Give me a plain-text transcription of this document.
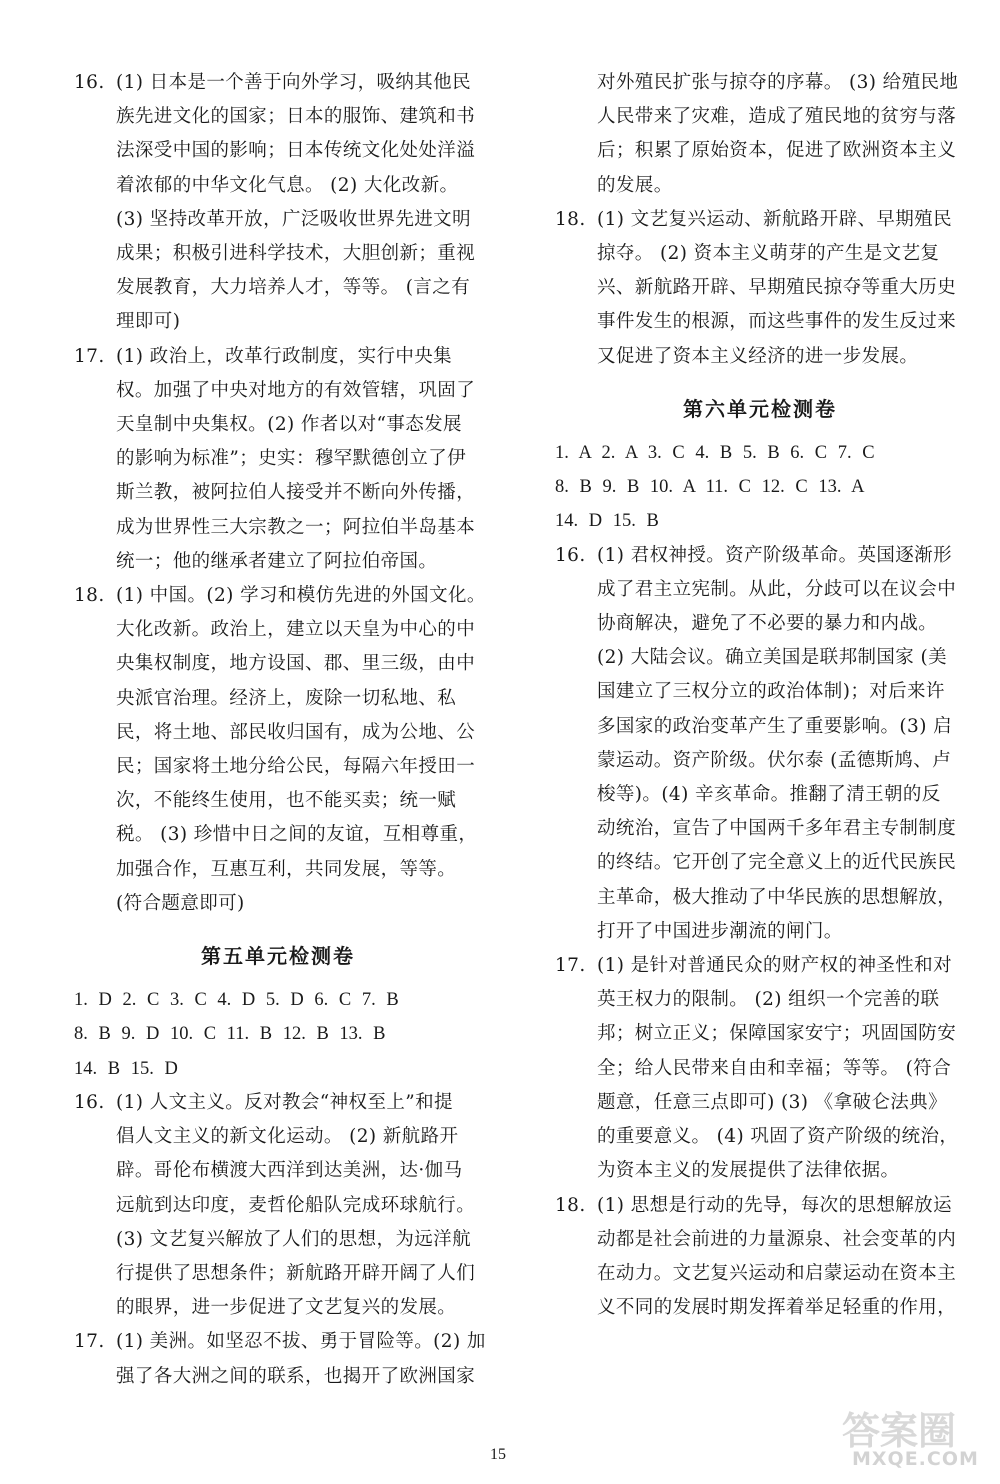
16. (1) 日本是一个善于向外学习，吸纳其他民
族先进文化的国家；日本的服饰、建筑和书
法深受中国的影响；日本传统文化处处洋溢
着浓郁的中华文化气息。 (2) 大化改新。
(3) 坚持改革开放，广泛吸收世界先进文明
成果；积极引进科学技术，大胆创新；重视
发展教育，大力培养人才，等等。 (言之有
理即可)
17. (1) 政治上，改革行政制度，实行中央集
权。加强了中央对地方的有效管辖，巩固了
天皇制中央集权。(2) 作者以对“事态发展
的影响为标准”；史实：穆罕默德创立了伊
斯兰教，被阿拉伯人接受并不断向外传播，
成为世界性三大宗教之一；阿拉伯半岛基本
统一；他的继承者建立了阿拉伯帝国。
18. (1) 中国。(2) 学习和模仿先进的外国文化。
大化改新。政治上，建立以天皇为中心的中
央集权制度，地方设国、郡、里三级，由中
央派官治理。经济上，废除一切私地、私
民，将土地、部民收归国有，成为公地、公
民；国家将土地分给公民，每隔六年授田一
次，不能终生使用，也不能买卖；统一赋
税。 (3) 珍惜中日之间的友谊，互相尊重，
加强合作，互惠互利，共同发展，等等。
(符合题意即可)
第五单元检测卷
1. D 2. C 3. C 4. D 5. D 6. C 7. B
8. B 9. D 10. C 11. B 12. B 13. B
14. B 15. D
16. (1) 人文主义。反对教会“神权至上”和提
倡人文主义的新文化运动。 (2) 新航路开
辟。哥伦布横渡大西洋到达美洲，达·伽马
远航到达印度，麦哲伦船队完成环球航行。
(3) 文艺复兴解放了人们的思想，为远洋航
行提供了思想条件；新航路开辟开阔了人们
的眼界，进一步促进了文艺复兴的发展。
17. (1) 美洲。如坚忍不拔、勇于冒险等。(2) 加
强了各大洲之间的联系，也揭开了欧洲国家
对外殖民扩张与掠夺的序幕。 (3) 给殖民地
人民带来了灾难，造成了殖民地的贫穷与落
后；积累了原始资本，促进了欧洲资本主义
的发展。
18. (1) 文艺复兴运动、新航路开辟、早期殖民
掠夺。 (2) 资本主义萌芽的产生是文艺复
兴、新航路开辟、早期殖民掠夺等重大历史
事件发生的根源，而这些事件的发生反过来
又促进了资本主义经济的进一步发展。
第六单元检测卷
1. A 2. A 3. C 4. B 5. B 6. C 7. C
8. B 9. B 10. A 11. C 12. C 13. A
14. D 15. B
16. (1) 君权神授。资产阶级革命。英国逐渐形
成了君主立宪制。从此，分歧可以在议会中
协商解决，避免了不必要的暴力和内战。
(2) 大陆会议。确立美国是联邦制国家 (美
国建立了三权分立的政治体制)；对后来许
多国家的政治变革产生了重要影响。(3) 启
蒙运动。资产阶级。伏尔泰 (孟德斯鸠、卢
梭等)。(4) 辛亥革命。推翻了清王朝的反
动统治，宣告了中国两千多年君主专制制度
的终结。它开创了完全意义上的近代民族民
主革命，极大推动了中华民族的思想解放，
打开了中国进步潮流的闸门。
17. (1) 是针对普通民众的财产权的神圣性和对
英王权力的限制。 (2) 组织一个完善的联
邦；树立正义；保障国家安宁；巩固国防安
全；给人民带来自由和幸福；等等。 (符合
题意，任意三点即可) (3) 《拿破仑法典》
的重要意义。 (4) 巩固了资产阶级的统治，
为资本主义的发展提供了法律依据。
18. (1) 思想是行动的先导，每次的思想解放运
动都是社会前进的力量源泉、社会变革的内
在动力。文艺复兴运动和启蒙运动在资本主
义不同的发展时期发挥着举足轻重的作用，
15
答案圈
MXQE.COM
